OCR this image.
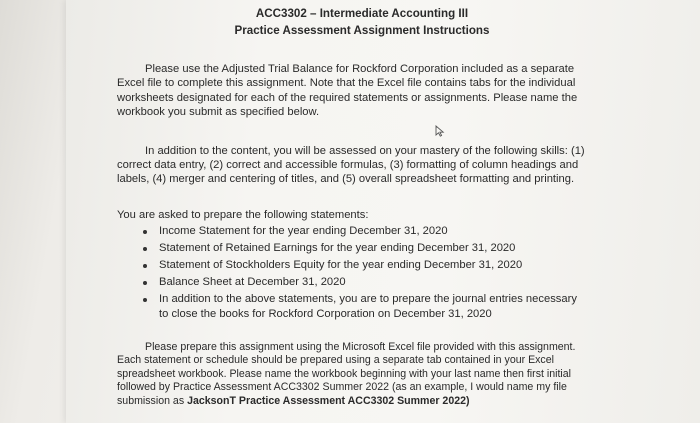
ACC3302 – Intermediate Accounting III

Practice Assessment Assignment Instructions

Please use the Adjusted Trial Balance for Rockford Corporation included as a separate Excel file to complete this assignment. Note that the Excel file contains tabs for the individual worksheets designated for each of the required statements or assignments. Please name the workbook you submit as specified below.

In addition to the content, you will be assessed on your mastery of the following skills: (1) correct data entry, (2) correct and accessible formulas, (3) formatting of column headings and labels, (4) merger and centering of titles, and (5) overall spreadsheet formatting and printing.

You are asked to prepare the following statements:

Income Statement for the year ending December 31, 2020
Statement of Retained Earnings for the year ending December 31, 2020
Statement of Stockholders Equity for the year ending December 31, 2020
Balance Sheet at December 31, 2020
In addition to the above statements, you are to prepare the journal entries necessary to close the books for Rockford Corporation on December 31, 2020

Please prepare this assignment using the Microsoft Excel file provided with this assignment. Each statement or schedule should be prepared using a separate tab contained in your Excel spreadsheet workbook. Please name the workbook beginning with your last name then first initial followed by Practice Assessment ACC3302 Summer 2022 (as an example, I would name my file submission as JacksonT Practice Assessment ACC3302 Summer 2022)
